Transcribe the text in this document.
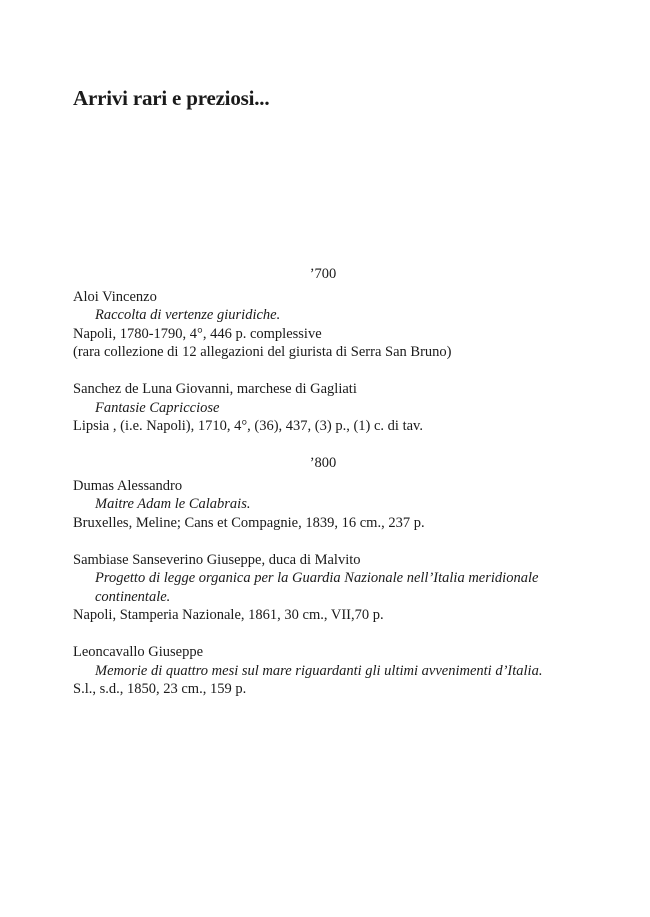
Arrivi rari e preziosi...
’700
Aloi Vincenzo
Raccolta di vertenze giuridiche.
Napoli, 1780-1790, 4°, 446 p. complessive
(rara collezione di 12 allegazioni del giurista di Serra San Bruno)
Sanchez de Luna Giovanni, marchese di Gagliati
Fantasie Capricciose
Lipsia , (i.e. Napoli), 1710, 4°, (36), 437, (3) p., (1) c. di tav.
’800
Dumas Alessandro
Maitre Adam le Calabrais.
Bruxelles, Meline; Cans et Compagnie, 1839, 16 cm., 237 p.
Sambiase Sanseverino Giuseppe, duca di Malvito
Progetto di legge organica per la Guardia Nazionale nell’Italia meridionale continentale.
Napoli, Stamperia Nazionale, 1861, 30 cm., VII,70 p.
Leoncavallo Giuseppe
Memorie di quattro mesi sul mare riguardanti gli ultimi avvenimenti d’Italia.
S.l., s.d., 1850, 23 cm., 159 p.
